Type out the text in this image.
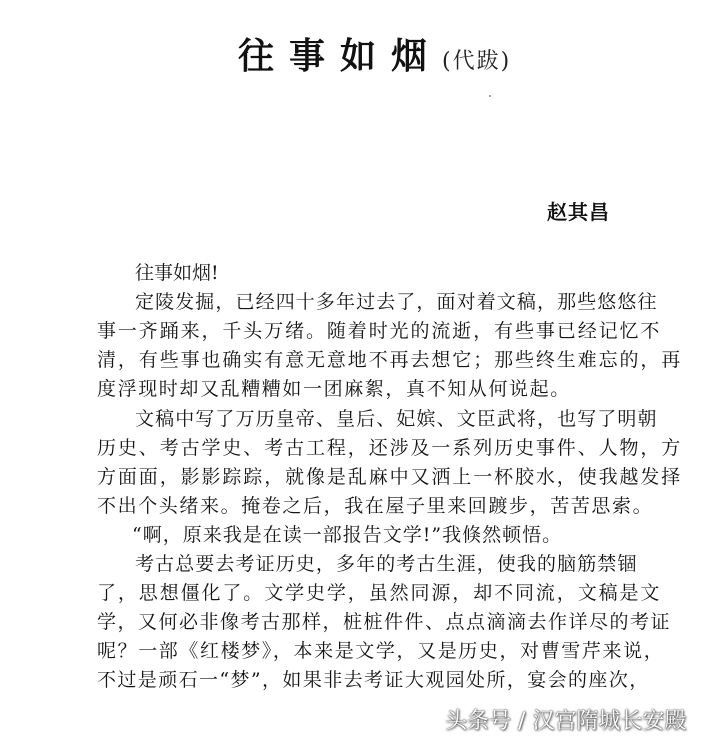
往事如烟(代跋)
赵其昌
往事如烟!
定陵发掘，已经四十多年过去了，面对着文稿，那些悠悠往
事一齐踊来，千头万绪。随着时光的流逝，有些事已经记忆不
清，有些事也确实有意无意地不再去想它；那些终生难忘的，再
度浮现时却又乱糟糟如一团麻絮，真不知从何说起。
文稿中写了万历皇帝、皇后、妃嫔、文臣武将，也写了明朝
历史、考古学史、考古工程，还涉及一系列历史事件、人物，方
方面面，影影踪踪，就像是乱麻中又洒上一杯胶水，使我越发择
不出个头绪来。掩卷之后，我在屋子里来回踱步，苦苦思索。
“啊，原来我是在读一部报告文学!”我倏然顿悟。
考古总要去考证历史，多年的考古生涯，使我的脑筋禁锢
了，思想僵化了。文学史学，虽然同源，却不同流，文稿是文
学，又何必非像考古那样，桩桩件件、点点滴滴去作详尽的考证
呢？一部《红楼梦》，本来是文学，又是历史，对曹雪芹来说，
不过是顽石一“梦”，如果非去考证大观园处所，宴会的座次，
头条号 / 汉宫隋城长安殿
